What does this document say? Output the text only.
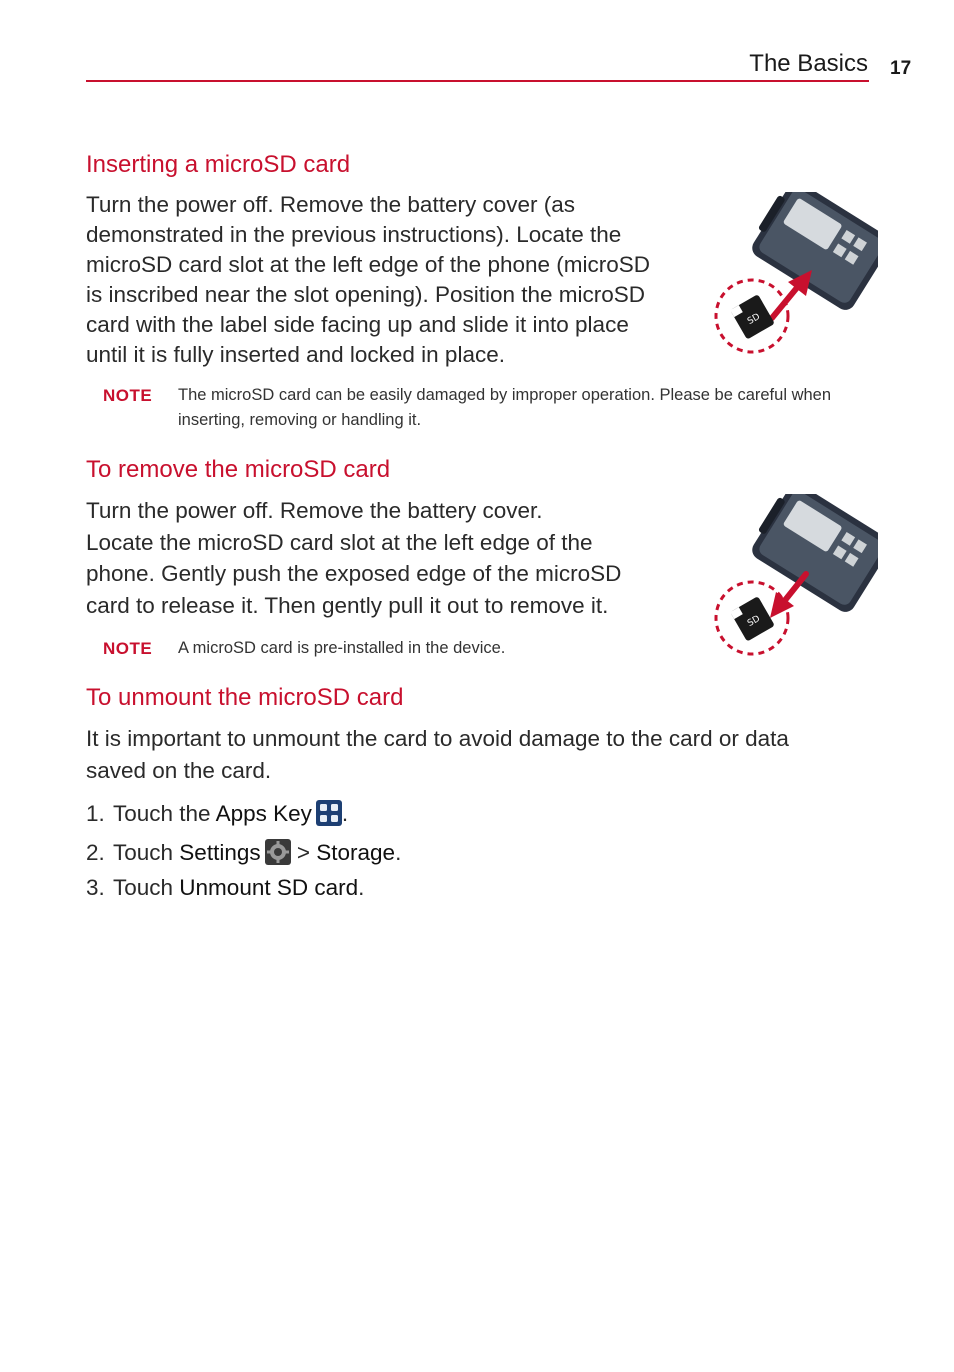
The Basics 17
Inserting a microSD card
Turn the power off. Remove the battery cover (as
demonstrated in the previous instructions). Locate the
microSD card slot at the left edge of the phone (microSD
is inscribed near the slot opening). Position the microSD
card with the label side facing up and slide it into place
until it is fully inserted and locked in place.
SD
NOTE The microSD card can be easily damaged by improper operation. Please be careful when
inserting, removing or handling it.
To remove the microSD card
Turn the power off. Remove the battery cover.
Locate the microSD card slot at the left edge of the
phone. Gently push the exposed edge of the microSD
card to release it. Then gently pull it out to remove it.
SD
NOTE A microSD card is pre-installed in the device.
To unmount the microSD card
It is important to unmount the card to avoid damage to the card or data
saved on the card.
1. Touch the Apps Key .
2. Touch Settings > Storage.
3. Touch Unmount SD card.
